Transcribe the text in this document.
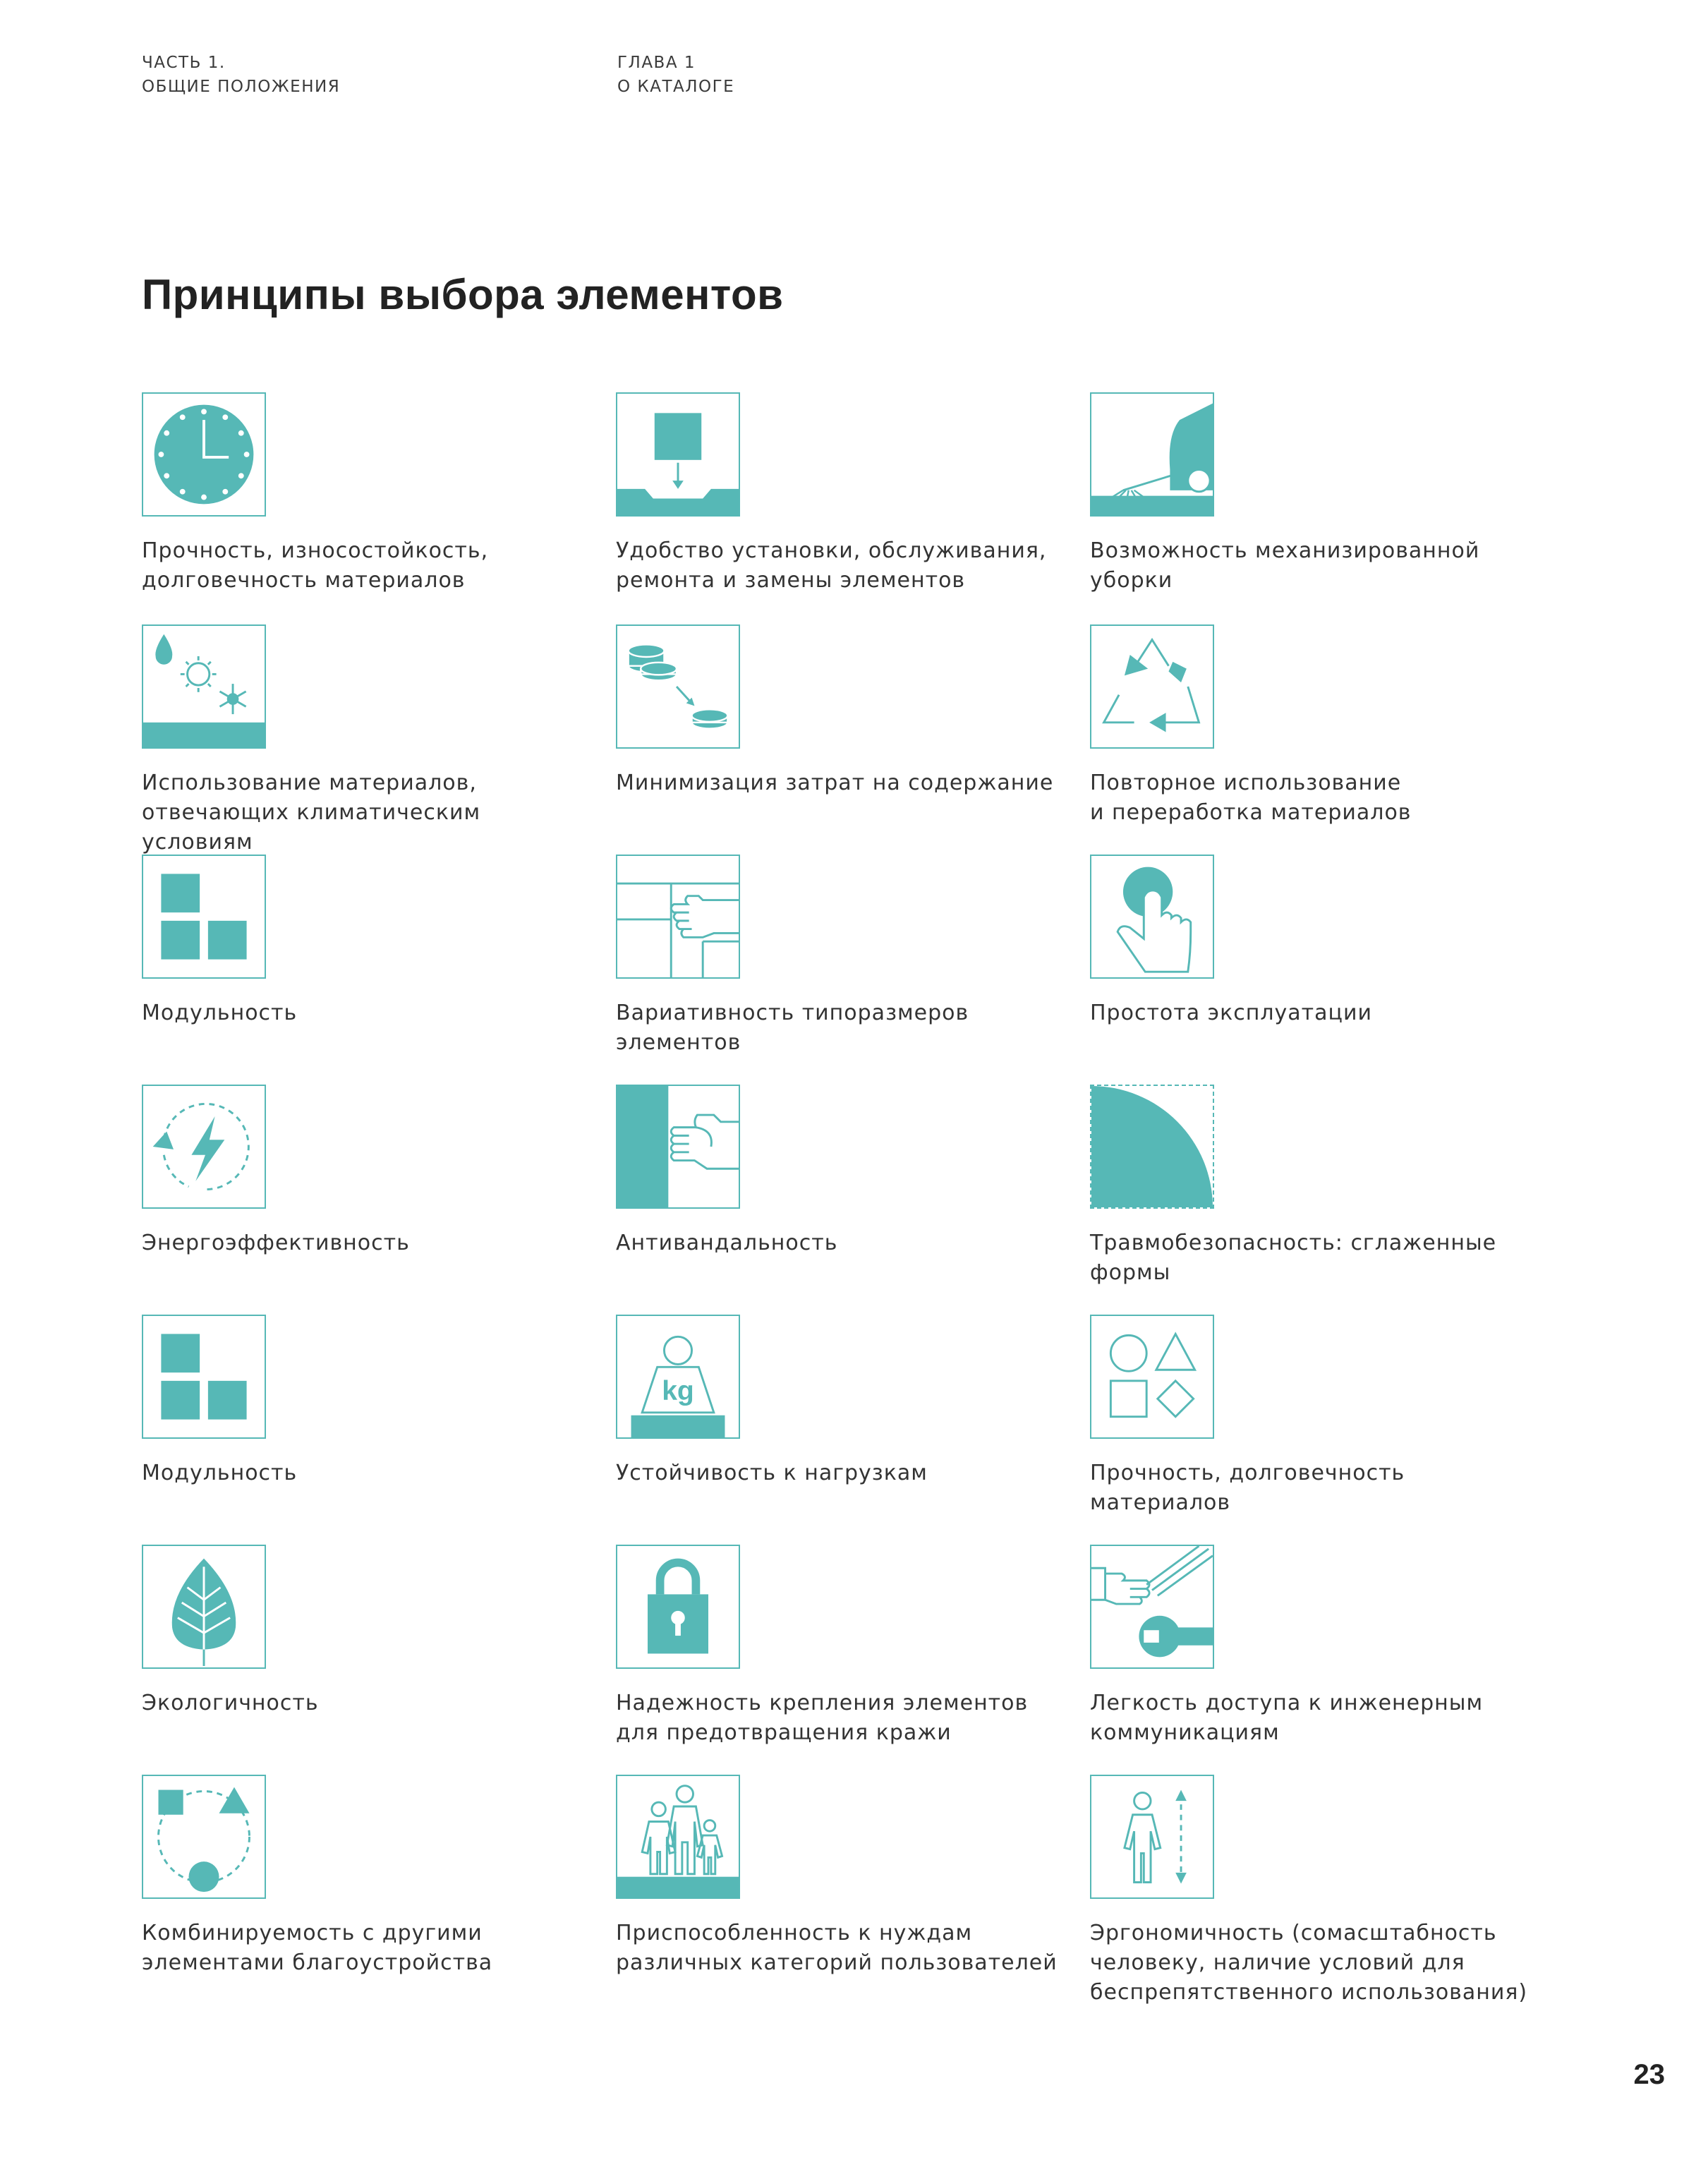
ЧАСТЬ 1.
ОБЩИЕ ПОЛОЖЕНИЯ
ГЛАВА 1
О КАТАЛОГЕ
Принципы выбора элементов
Прочность, износостойкость,
долговечность материалов
Удобство установки, обслуживания,
ремонта и замены элементов
Возможность механизированной
уборки
Использование материалов,
отвечающих климатическим условиям
Минимизация затрат на содержание	Повторное использование
и переработка материалов
Модульность	Вариативность типоразмеров
элементов
Простота эксплуатации
Энергоэффективность	Антивандальность	Травмобезопасность: сглаженные
формы
Модульность
kg
Устойчивость к нагрузкам	Прочность, долговечность материалов
Экологичность	Надежность крепления элементов
для предотвращения кражи
Легкость доступа к инженерным
коммуникациям
Комбинируемость с другими
элементами благоустройства
Приспособленность к нуждам
различных категорий пользователей
Эргономичность (сомасштабность
человеку, наличие условий для
беспрепятственного использования)
23
